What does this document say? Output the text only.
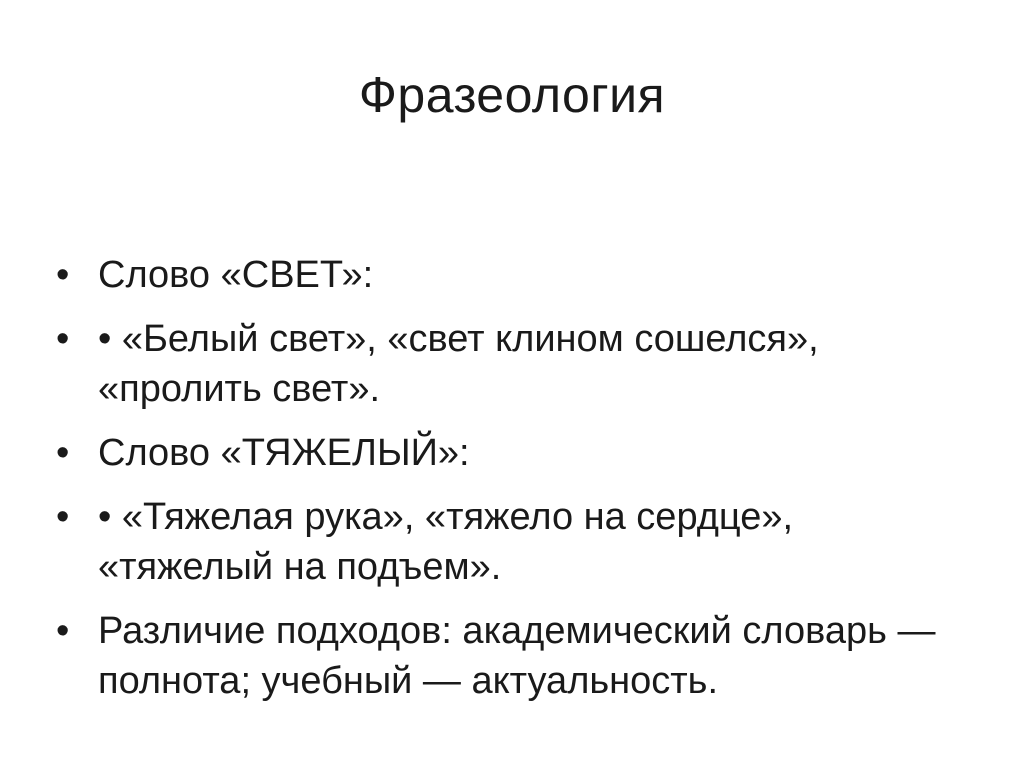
Фразеология
• Слово «СВЕТ»:
• • «Белый свет», «свет клином сошелся», «пролить свет».
• Слово «ТЯЖЕЛЫЙ»:
• • «Тяжелая рука», «тяжело на сердце», «тяжелый на подъем».
• Различие подходов: академический словарь — полнота; учебный — актуальность.
